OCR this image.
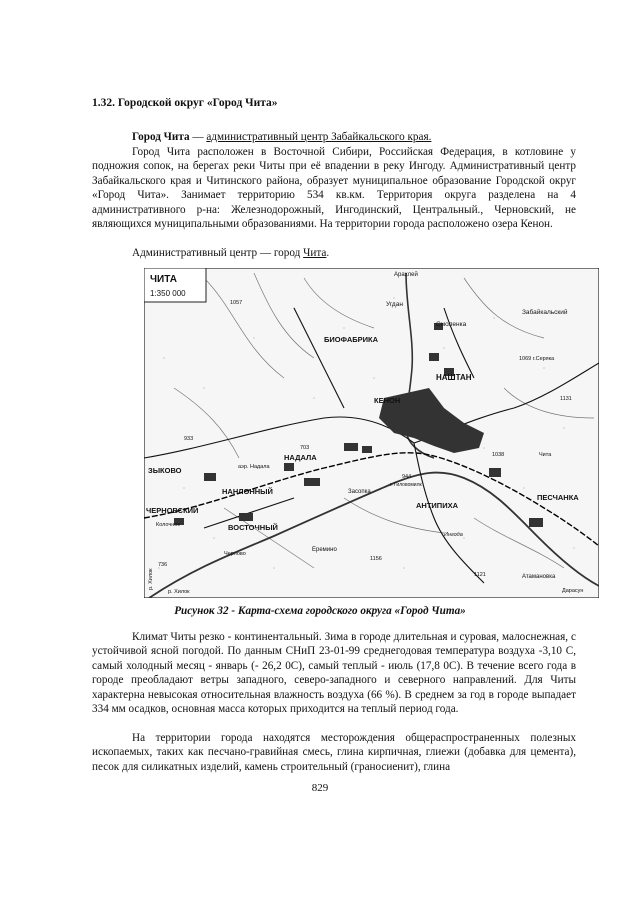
1.32. Городской округ «Город Чита»
Город Чита — административный центр Забайкальского края.

Город Чита расположен в Восточной Сибири, Российская Федерация, в котловине у подножия сопок, на берегах реки Читы при её впадении в реку Ингоду. Административный центр Забайкальского края и Читинского района, образует муниципальное образование Городской округ «Город Чита». Занимает территорию 534 кв.км. Территория округа разделена на 4 административного р-на: Железнодорожный, Ингодинский, Центральный., Черновский, не являющихся муниципальными образованиями. На территории города расположено озера Кенон.

Административный центр — город Чита.

ЧИТА
1:350 000
Арахлей
Угдан
БИОФАБРИКА
Смоленка
Забайкальский
1069 г.Серяка
НАШТАН
КЕНОН
1057
933
1131
1038	Чита
703
НАДАЛА
аэр. Надала
ЗЫКОВО
НАНЛОННЫЙ
ЧЕРНОВСКИЙ
Колочное	ВОСТОЧНЫЙ
Черново
736
р. Хилок
р. Хилок
Засопка
944
г. Гиловомилк
АНТИПИХА
ПЕСЧАНКА
Еремино
1156
1121	Атамановка
Дарасун
Ингода
Рисунок 32 - Карта-схема городского округа «Город Чита»

Климат Читы резко - континентальный. Зима в городе длительная и суровая, малоснежная, с устойчивой ясной погодой. По данным СНиП 23-01-99 среднегодовая температура воздуха -3,10 С, самый холодный месяц - январь (- 26,2 0С), самый теплый - июль (17,8 0С). В течение всего года в городе преобладают ветры западного, северо-западного и северного направлений. Для Читы характерна невысокая относительная влажность воздуха (66 %). В среднем за год в городе выпадает 334 мм осадков, основная масса которых приходится на теплый период года.

На территории города находятся месторождения общераспространенных полезных ископаемых, таких как песчано-гравийная смесь, глина кирпичная, глиежи (добавка для цемента), песок для силикатных изделий, камень строительный (граносиенит), глина

829
